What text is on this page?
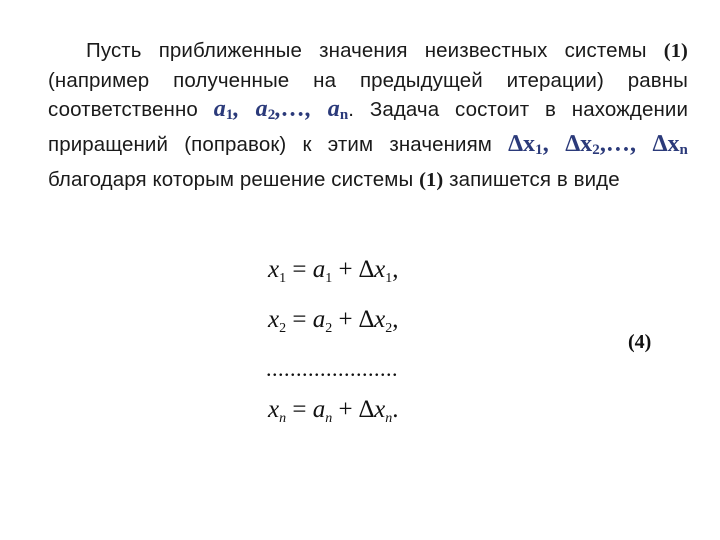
Пусть приближенные значения неизвестных системы (1) (например полученные на предыдущей итерации) равны соответственно $a_1$, $a_2,\dots$, $a_n$. Задача состоит в нахождении приращений (поправок) к этим значениям $\Delta x_1$, $\Delta x_2,\dots$, $\Delta x_n$ благодаря которым решение системы (1) запишется в виде
$x_1 = a_1 + \Delta x_1$,
$x_2 = a_2 + \Delta x_2$,
......................
$x_n = a_n + \Delta x_n$.
(4)
